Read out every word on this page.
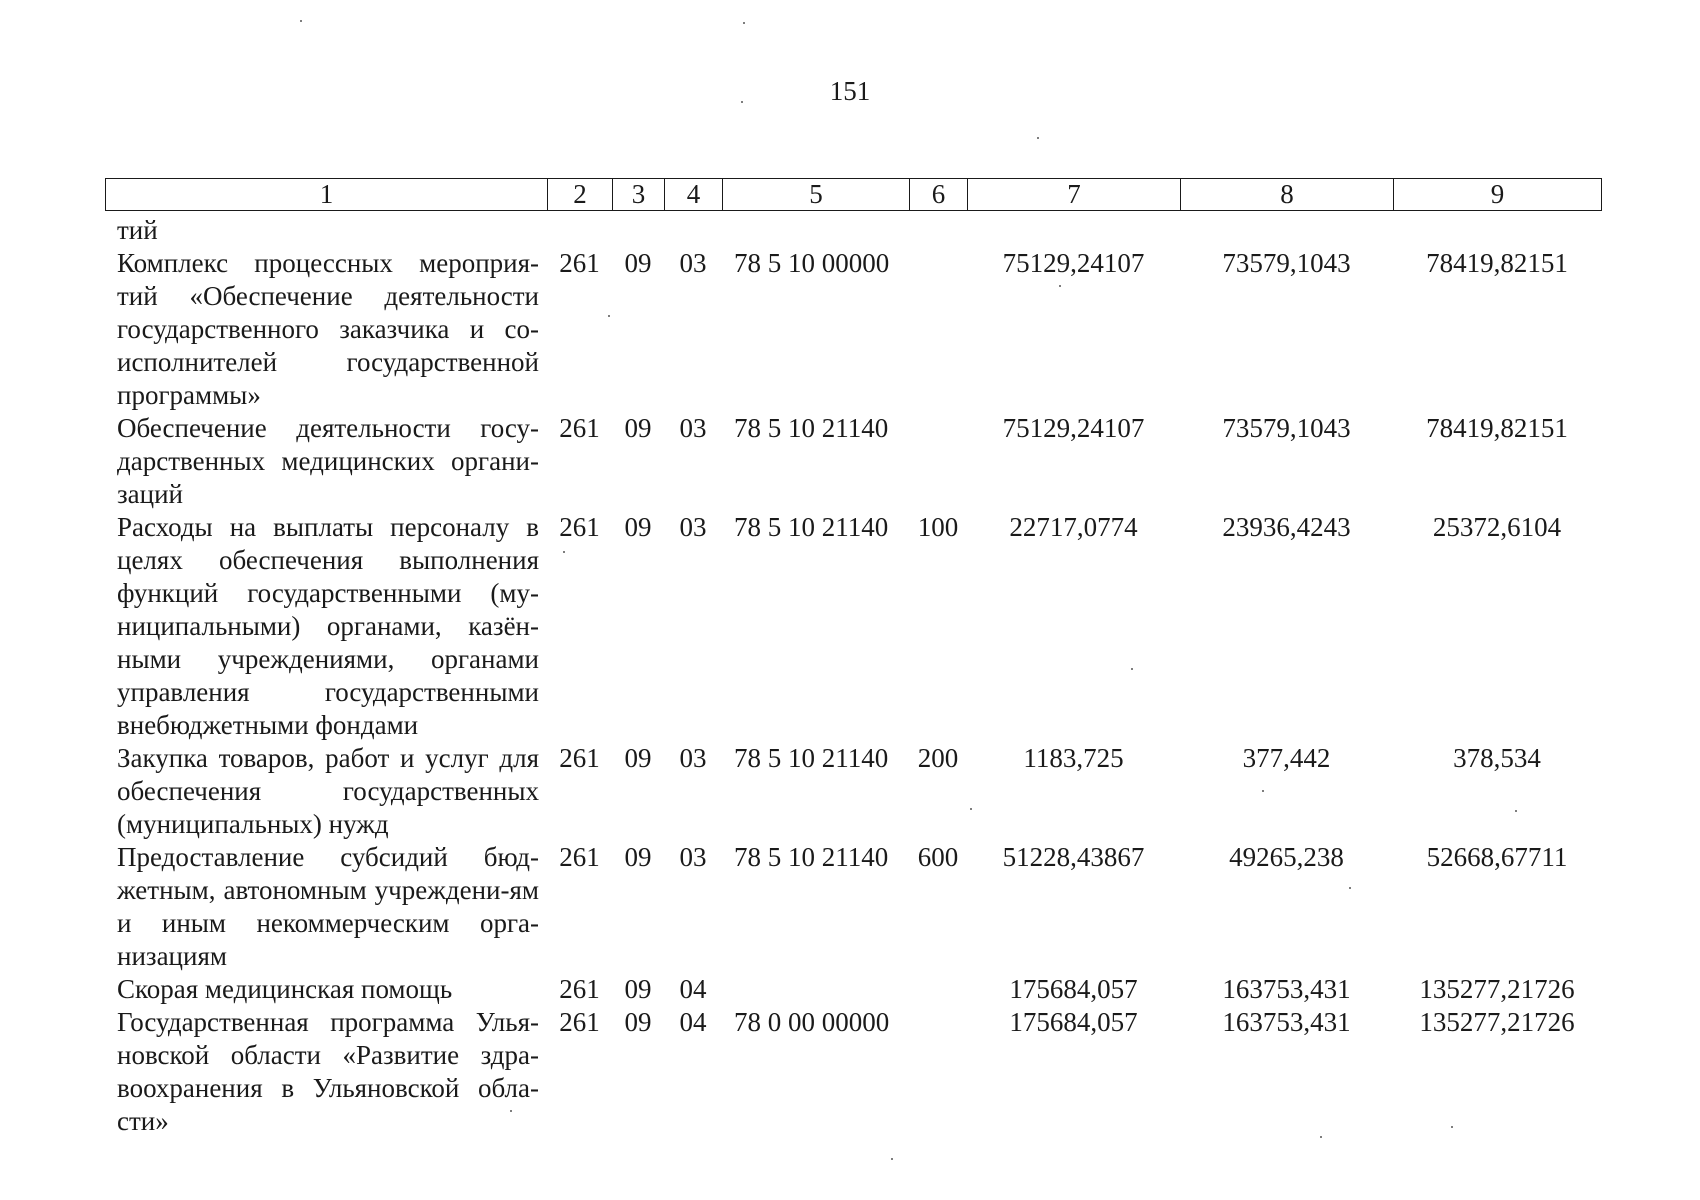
151
1	2	3	4	5	6	7	8	9
тий								
Комплекс процессных мероприя-тий «Обеспечение деятельности государственного заказчика и со-исполнителей государственной программы»	261	09	03	78 5 10 00000		75129,24107	73579,1043	78419,82151
Обеспечение деятельности госу-дарственных медицинских органи-заций	261	09	03	78 5 10 21140		75129,24107	73579,1043	78419,82151
Расходы на выплаты персоналу в целях обеспечения выполнения функций государственными (му-ниципальными) органами, казён-ными учреждениями, органами управления государственными внебюджетными фондами	261	09	03	78 5 10 21140	100	22717,0774	23936,4243	25372,6104
Закупка товаров, работ и услуг для обеспечения государственных (муниципальных) нужд	261	09	03	78 5 10 21140	200	1183,725	377,442	378,534
Предоставление субсидий бюд-жетным, автономным учреждени-ям и иным некоммерческим орга-низациям	261	09	03	78 5 10 21140	600	51228,43867	49265,238	52668,67711
Скорая медицинская помощь	261	09	04			175684,057	163753,431	135277,21726
Государственная программа Улья-новской области «Развитие здра-воохранения в Ульяновской обла-сти»	261	09	04	78 0 00 00000		175684,057	163753,431	135277,21726
